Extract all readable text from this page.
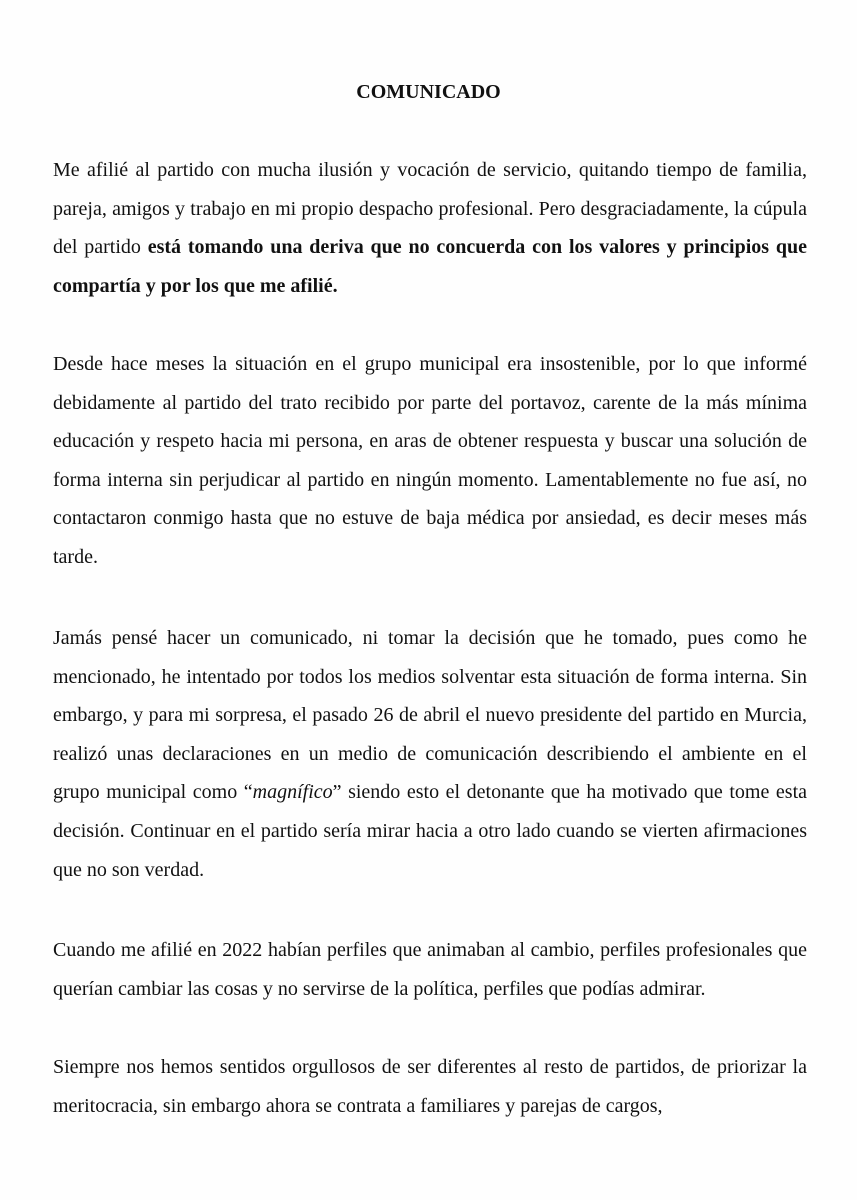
COMUNICADO

Me afilié al partido con mucha ilusión y vocación de servicio, quitando tiempo de familia, pareja, amigos y trabajo en mi propio despacho profesional. Pero desgraciadamente, la cúpula del partido está tomando una deriva que no concuerda con los valores y principios que compartía y por los que me afilié.

Desde hace meses la situación en el grupo municipal era insostenible, por lo que informé debidamente al partido del trato recibido por parte del portavoz, carente de la más mínima educación y respeto hacia mi persona, en aras de obtener respuesta y buscar una solución de forma interna sin perjudicar al partido en ningún momento. Lamentablemente no fue así, no contactaron conmigo hasta que no estuve de baja médica por ansiedad, es decir meses más tarde.

Jamás pensé hacer un comunicado, ni tomar la decisión que he tomado, pues como he mencionado, he intentado por todos los medios solventar esta situación de forma interna. Sin embargo, y para mi sorpresa, el pasado 26 de abril el nuevo presidente del partido en Murcia, realizó unas declaraciones en un medio de comunicación describiendo el ambiente en el grupo municipal como “magnífico” siendo esto el detonante que ha motivado que tome esta decisión. Continuar en el partido sería mirar hacia a otro lado cuando se vierten afirmaciones que no son verdad.

Cuando me afilié en 2022 habían perfiles que animaban al cambio, perfiles profesionales que querían cambiar las cosas y no servirse de la política, perfiles que podías admirar.

Siempre nos hemos sentidos orgullosos de ser diferentes al resto de partidos, de priorizar la meritocracia, sin embargo ahora se contrata a familiares y parejas de cargos,
